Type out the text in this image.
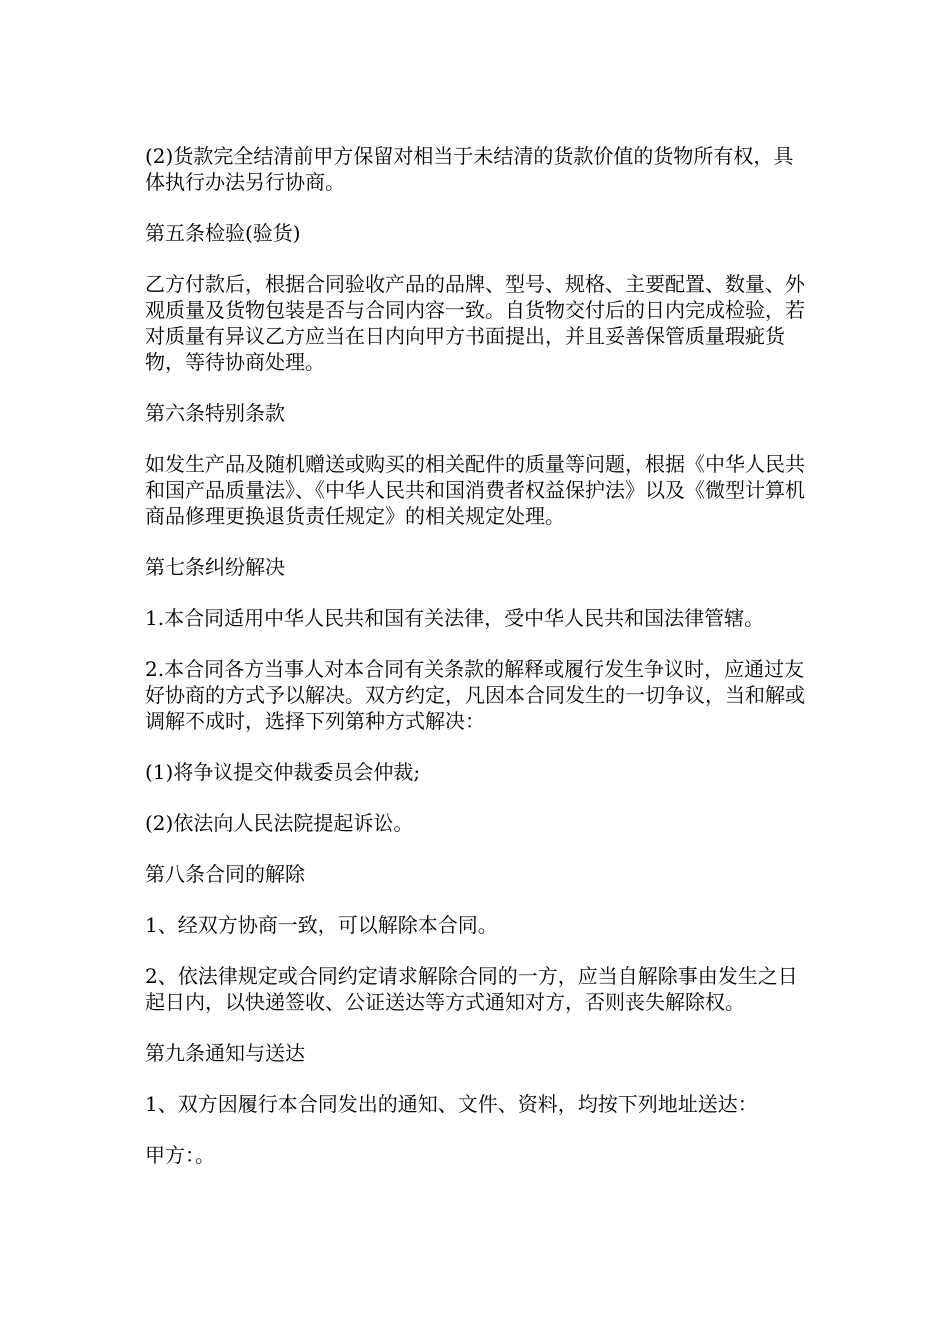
(2)货款完全结清前甲方保留对相当于未结清的货款价值的货物所有权，具体执行办法另行协商。

第五条检验(验货)

乙方付款后，根据合同验收产品的品牌、型号、规格、主要配置、数量、外观质量及货物包装是否与合同内容一致。自货物交付后的日内完成检验，若对质量有异议乙方应当在日内向甲方书面提出，并且妥善保管质量瑕疵货物，等待协商处理。

第六条特别条款

如发生产品及随机赠送或购买的相关配件的质量等问题，根据《中华人民共和国产品质量法》、《中华人民共和国消费者权益保护法》以及《微型计算机商品修理更换退货责任规定》的相关规定处理。

第七条纠纷解决

1.本合同适用中华人民共和国有关法律，受中华人民共和国法律管辖。

2.本合同各方当事人对本合同有关条款的解释或履行发生争议时，应通过友好协商的方式予以解决。双方约定，凡因本合同发生的一切争议，当和解或调解不成时，选择下列第种方式解决：

(1)将争议提交仲裁委员会仲裁;

(2)依法向人民法院提起诉讼。

第八条合同的解除

1、经双方协商一致，可以解除本合同。

2、依法律规定或合同约定请求解除合同的一方，应当自解除事由发生之日起日内，以快递签收、公证送达等方式通知对方，否则丧失解除权。

第九条通知与送达

1、双方因履行本合同发出的通知、文件、资料，均按下列地址送达：

甲方：。
